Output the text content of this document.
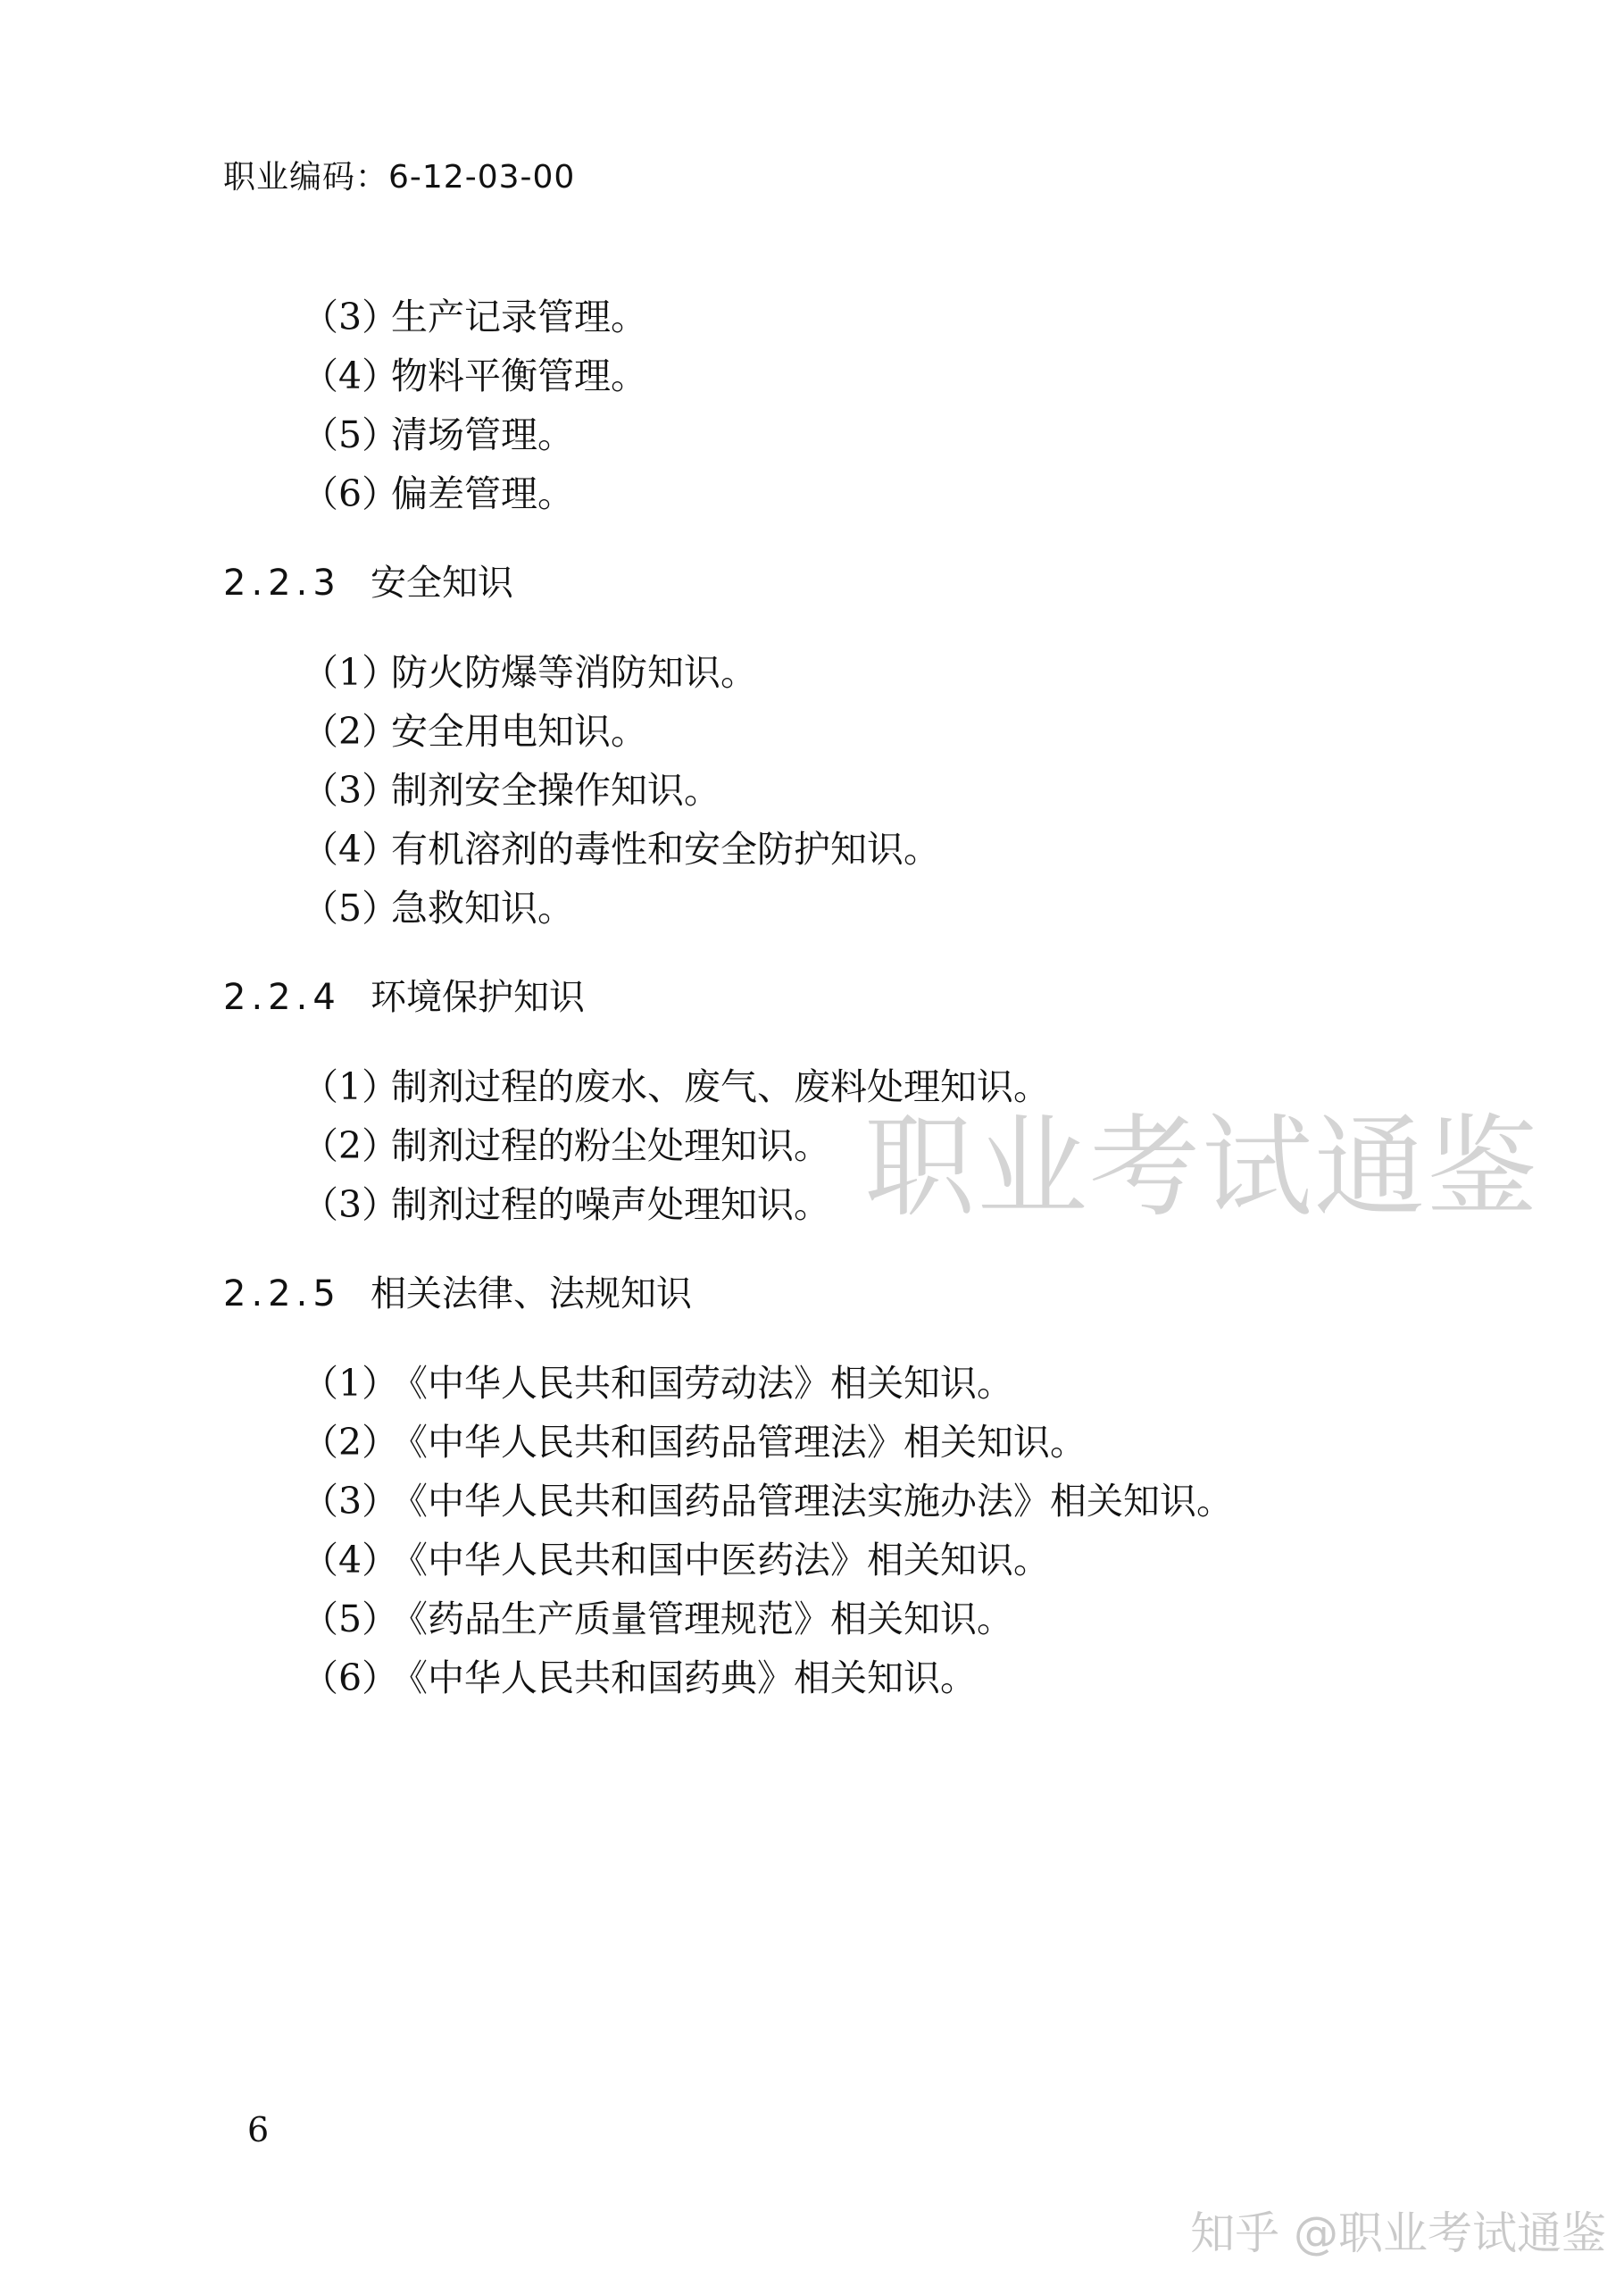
职业编码：6-12-03-00
（3）生产记录管理。
（4）物料平衡管理。
（5）清场管理。
（6）偏差管理。
2.2.3 安全知识
（1）防火防爆等消防知识。
（2）安全用电知识。
（3）制剂安全操作知识。
（4）有机溶剂的毒性和安全防护知识。
（5）急救知识。
2.2.4 环境保护知识
（1）制剂过程的废水、废气、废料处理知识。
（2）制剂过程的粉尘处理知识。
（3）制剂过程的噪声处理知识。
2.2.5 相关法律、法规知识
（1）《中华人民共和国劳动法》相关知识。
（2）《中华人民共和国药品管理法》相关知识。
（3）《中华人民共和国药品管理法实施办法》相关知识。
（4）《中华人民共和国中医药法》相关知识。
（5）《药品生产质量管理规范》相关知识。
（6）《中华人民共和国药典》相关知识。
职业考试通鉴
6
知乎 @职业考试通鉴
